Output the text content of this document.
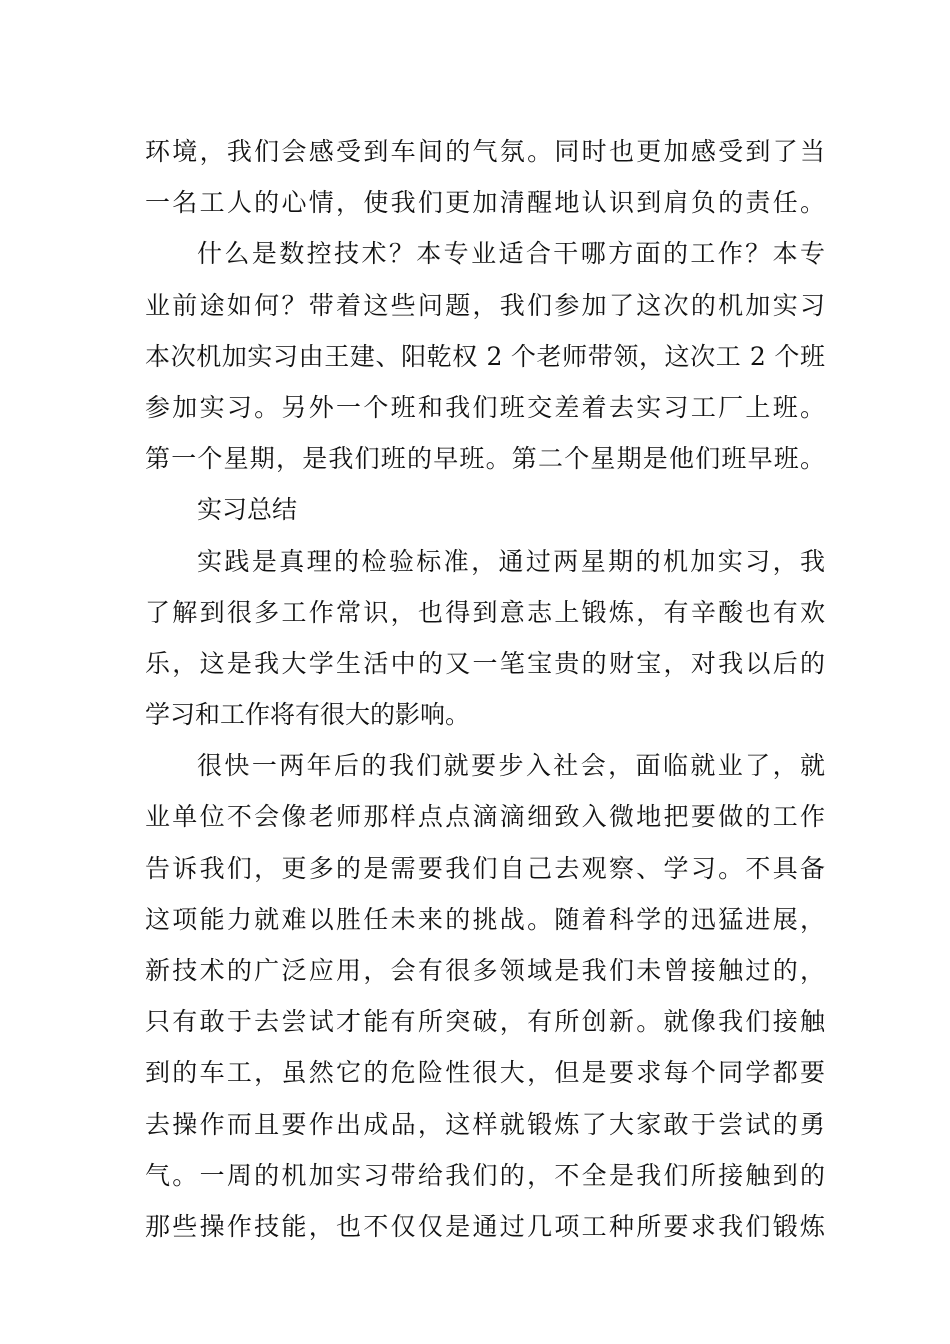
环境，我们会感受到车间的气氛。同时也更加感受到了当
一名工人的心情，使我们更加清醒地认识到肩负的责任。
什么是数控技术？本专业适合干哪方面的工作？本专
业前途如何？带着这些问题，我们参加了这次的机加实习
本次机加实习由王建、阳乾权 2 个老师带领，这次工 2 个班
参加实习。另外一个班和我们班交差着去实习工厂上班。
第一个星期，是我们班的早班。第二个星期是他们班早班。
实习总结
实践是真理的检验标准，通过两星期的机加实习，我
了解到很多工作常识，也得到意志上锻炼，有辛酸也有欢
乐，这是我大学生活中的又一笔宝贵的财宝，对我以后的
学习和工作将有很大的影响。
很快一两年后的我们就要步入社会，面临就业了，就
业单位不会像老师那样点点滴滴细致入微地把要做的工作
告诉我们，更多的是需要我们自己去观察、学习。不具备
这项能力就难以胜任未来的挑战。随着科学的迅猛进展，
新技术的广泛应用，会有很多领域是我们未曾接触过的，
只有敢于去尝试才能有所突破，有所创新。就像我们接触
到的车工，虽然它的危险性很大，但是要求每个同学都要
去操作而且要作出成品，这样就锻炼了大家敢于尝试的勇
气。一周的机加实习带给我们的，不全是我们所接触到的
那些操作技能，也不仅仅是通过几项工种所要求我们锻炼
